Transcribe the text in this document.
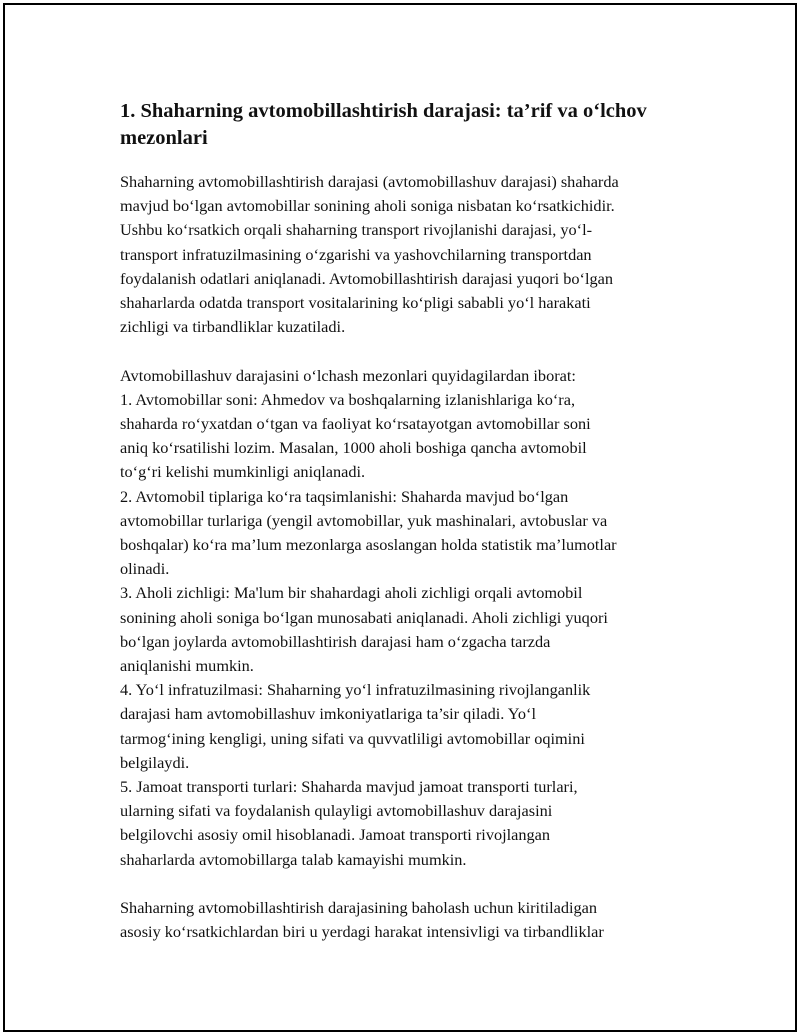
1. Shaharning avtomobillashtirish darajasi: ta’rif va o‘lchov
mezonlari

Shaharning avtomobillashtirish darajasi (avtomobillashuv darajasi) shaharda
mavjud bo‘lgan avtomobillar sonining aholi soniga nisbatan ko‘rsatkichidir.
Ushbu ko‘rsatkich orqali shaharning transport rivojlanishi darajasi, yo‘l-
transport infratuzilmasining o‘zgarishi va yashovchilarning transportdan
foydalanish odatlari aniqlanadi. Avtomobillashtirish darajasi yuqori bo‘lgan
shaharlarda odatda transport vositalarining ko‘pligi sababli yo‘l harakati
zichligi va tirbandliklar kuzatiladi.

Avtomobillashuv darajasini o‘lchash mezonlari quyidagilardan iborat:
1. Avtomobillar soni: Ahmedov va boshqalarning izlanishlariga ko‘ra,
shaharda ro‘yxatdan o‘tgan va faoliyat ko‘rsatayotgan avtomobillar soni
aniq ko‘rsatilishi lozim. Masalan, 1000 aholi boshiga qancha avtomobil
to‘g‘ri kelishi mumkinligi aniqlanadi.
2. Avtomobil tiplariga ko‘ra taqsimlanishi: Shaharda mavjud bo‘lgan
avtomobillar turlariga (yengil avtomobillar, yuk mashinalari, avtobuslar va
boshqalar) ko‘ra ma’lum mezonlarga asoslangan holda statistik ma’lumotlar
olinadi.
3. Aholi zichligi: Ma'lum bir shahardagi aholi zichligi orqali avtomobil
sonining aholi soniga bo‘lgan munosabati aniqlanadi. Aholi zichligi yuqori
bo‘lgan joylarda avtomobillashtirish darajasi ham o‘zgacha tarzda
aniqlanishi mumkin.
4. Yo‘l infratuzilmasi: Shaharning yo‘l infratuzilmasining rivojlanganlik
darajasi ham avtomobillashuv imkoniyatlariga ta’sir qiladi. Yo‘l
tarmog‘ining kengligi, uning sifati va quvvatliligi avtomobillar oqimini
belgilaydi.
5. Jamoat transporti turlari: Shaharda mavjud jamoat transporti turlari,
ularning sifati va foydalanish qulayligi avtomobillashuv darajasini
belgilovchi asosiy omil hisoblanadi. Jamoat transporti rivojlangan
shaharlarda avtomobillarga talab kamayishi mumkin.

Shaharning avtomobillashtirish darajasining baholash uchun kiritiladigan
asosiy ko‘rsatkichlardan biri u yerdagi harakat intensivligi va tirbandliklar
